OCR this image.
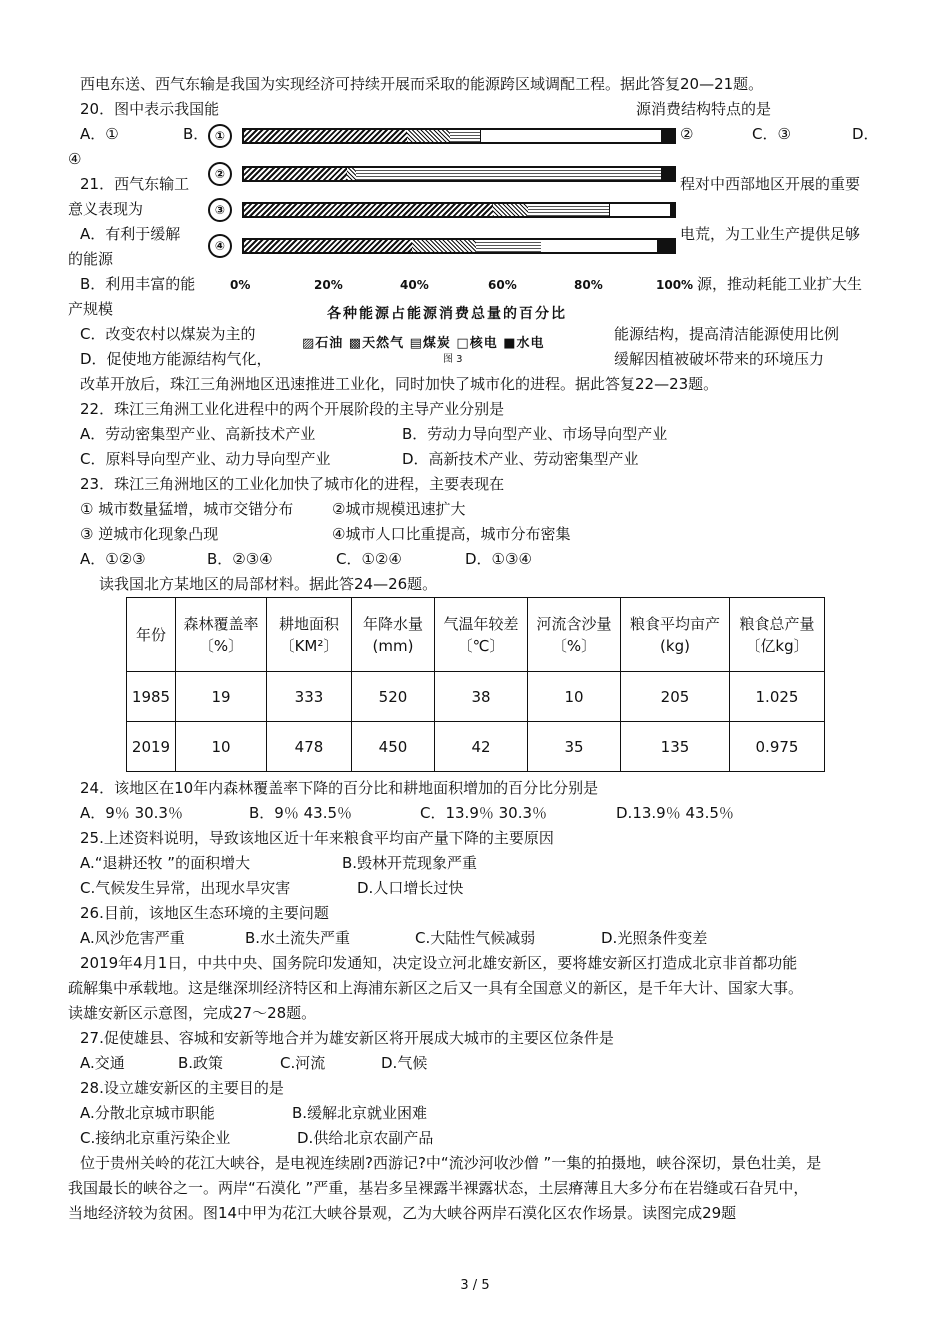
西电东送、西气东输是我国为实现经济可持续开展而采取的能源跨区域调配工程。据此答复20—21题。
20．图中表示我国能	源消费结构特点的是
A．①	B．	②	C．③	D．
④
21．西气东输工	程对中西部地区开展的重要
意义表现为
A．有利于缓解	电荒，为工业生产提供足够
的能源
B．利用丰富的能	源，推动耗能工业扩大生
产规模
C．改变农村以煤炭为主的	能源结构，提高清洁能源使用比例
D．促使地方能源结构气化，	缓解因植被破坏带来的环境压力
①
②
③
④
0%	20%	40%	60%	80%	100%
各种能源占能源消费总量的百分比
▨石油 ▩天然气 ▤煤炭 □核电 ■水电
图 3
改革开放后，珠江三角洲地区迅速推进工业化，同时加快了城市化的进程。据此答复22—23题。
22．珠江三角洲工业化进程中的两个开展阶段的主导产业分别是
A．劳动密集型产业、高新技术产业	B．劳动力导向型产业、市场导向型产业
C．原料导向型产业、动力导向型产业	D．高新技术产业、劳动密集型产业
23．珠江三角洲地区的工业化加快了城市化的进程，主要表现在
① 城市数量猛增，城市交错分布	②城市规模迅速扩大
③ 逆城市化现象凸现	④城市人口比重提高，城市分布密集
A．①②③	B．②③④	C．①②④	D．①③④
读我国北方某地区的局部材料。据此答24—26题。
年份	森林覆盖率〔%〕	耕地面积〔KM²〕	年降水量(mm)	气温年较差〔℃〕	河流含沙量〔%〕	粮食平均亩产(kg)	粮食总产量〔亿kg〕
1985	19	333	520	38	10	205	1.025
2019	10	478	450	42	35	135	0.975
24．该地区在10年内森林覆盖率下降的百分比和耕地面积增加的百分比分别是
A．9％ 30.3％	B．9％ 43.5％	C．13.9％ 30.3％	D.13.9％ 43.5％
25.上述资料说明，导致该地区近十年来粮食平均亩产量下降的主要原因
A.“退耕还牧 ”的面积增大	B.毁林开荒现象严重
C.气候发生异常，出现水旱灾害	D.人口增长过快
26.目前，该地区生态环境的主要问题
A.风沙危害严重	B.水土流失严重	C.大陆性气候减弱	D.光照条件变差
2019年4月1日，中共中央、国务院印发通知，决定设立河北雄安新区，要将雄安新区打造成北京非首都功能
疏解集中承载地。这是继深圳经济特区和上海浦东新区之后又一具有全国意义的新区，是千年大计、国家大事。
读雄安新区示意图，完成27～28题。
27.促使雄县、容城和安新等地合并为雄安新区将开展成大城市的主要区位条件是
A.交通	B.政策	C.河流	D.气候
28.设立雄安新区的主要目的是
A.分散北京城市职能	B.缓解北京就业困难
C.接纳北京重污染企业	D.供给北京农副产品
位于贵州关岭的花江大峡谷，是电视连续剧?西游记?中“流沙河收沙僧 ”一集的拍摄地，峡谷深切，景色壮美，是
我国最长的峡谷之一。两岸“石漠化 ”严重，基岩多呈裸露半裸露状态，土层瘠薄且大多分布在岩缝或石旮旯中，
当地经济较为贫困。图14中甲为花江大峡谷景观，乙为大峡谷两岸石漠化区农作场景。读图完成29题
3 / 5
